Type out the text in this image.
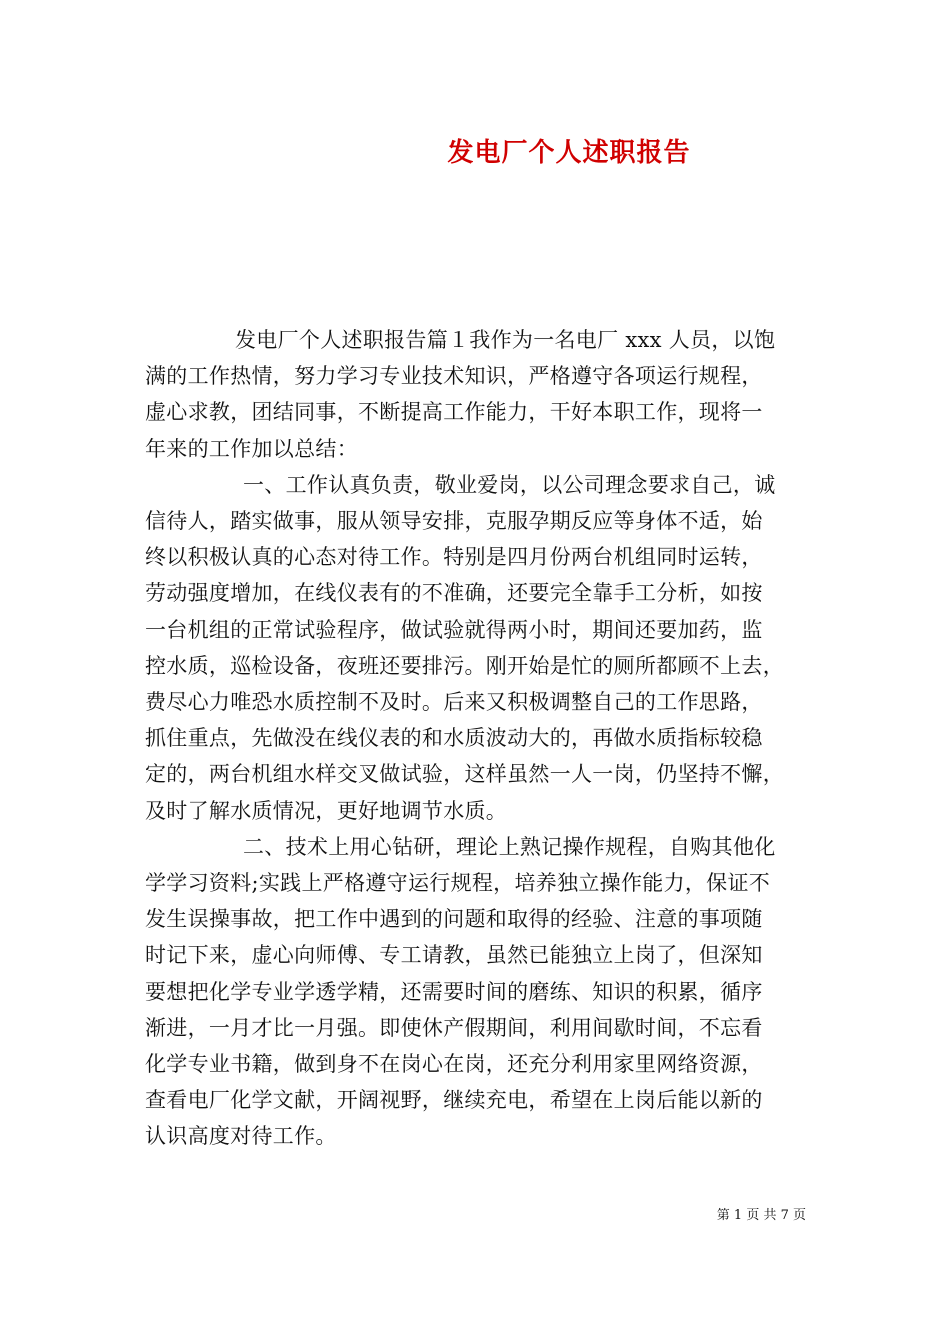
发电厂个人述职报告
发电厂个人述职报告篇１我作为一名电厂 xxx 人员，以饱
满的工作热情，努力学习专业技术知识，严格遵守各项运行规程，
虚心求教，团结同事，不断提高工作能力，干好本职工作，现将一
年来的工作加以总结：
一、工作认真负责，敬业爱岗，以公司理念要求自己，诚
信待人，踏实做事，服从领导安排，克服孕期反应等身体不适，始
终以积极认真的心态对待工作。特别是四月份两台机组同时运转，
劳动强度增加，在线仪表有的不准确，还要完全靠手工分析，如按
一台机组的正常试验程序，做试验就得两小时，期间还要加药，监
控水质，巡检设备，夜班还要排污。刚开始是忙的厕所都顾不上去，
费尽心力唯恐水质控制不及时。后来又积极调整自己的工作思路，
抓住重点，先做没在线仪表的和水质波动大的，再做水质指标较稳
定的，两台机组水样交叉做试验，这样虽然一人一岗，仍坚持不懈，
及时了解水质情况，更好地调节水质。
二、技术上用心钻研，理论上熟记操作规程，自购其他化
学学习资料;实践上严格遵守运行规程，培养独立操作能力，保证不
发生误操事故，把工作中遇到的问题和取得的经验、注意的事项随
时记下来，虚心向师傅、专工请教，虽然已能独立上岗了，但深知
要想把化学专业学透学精，还需要时间的磨练、知识的积累，循序
渐进，一月才比一月强。即使休产假期间，利用间歇时间，不忘看
化学专业书籍，做到身不在岗心在岗，还充分利用家里网络资源，
查看电厂化学文献，开阔视野，继续充电，希望在上岗后能以新的
认识高度对待工作。
第 1 页 共 7 页
